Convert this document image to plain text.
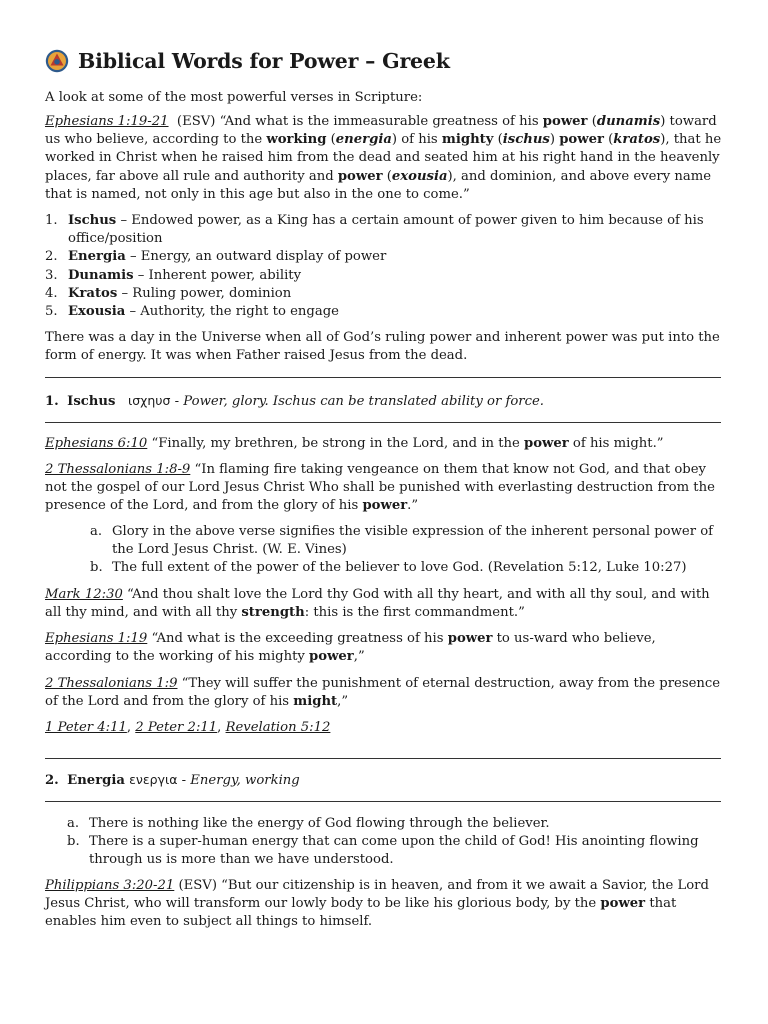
Biblical Words for Power – Greek

A look at some of the most powerful verses in Scripture:

Ephesians 1:19-21 (ESV) “And what is the immeasurable greatness of his power (dunamis) toward us who believe, according to the working (energia) of his mighty (ischus) power (kratos), that he worked in Christ when he raised him from the dead and seated him at his right hand in the heavenly places, far above all rule and authority and power (exousia), and dominion, and above every name that is named, not only in this age but also in the one to come.”

1. Ischus – Endowed power, as a King has a certain amount of power given to him because of his office/position
2. Energia – Energy, an outward display of power
3. Dunamis – Inherent power, ability
4. Kratos – Ruling power, dominion
5. Exousia – Authority, the right to engage

There was a day in the Universe when all of God’s ruling power and inherent power was put into the form of energy. It was when Father raised Jesus from the dead.

1. Ischus ισχηυσ - Power, glory. Ischus can be translated ability or force.

Ephesians 6:10 “Finally, my brethren, be strong in the Lord, and in the power of his might.”

2 Thessalonians 1:8-9 “In flaming fire taking vengeance on them that know not God, and that obey not the gospel of our Lord Jesus Christ Who shall be punished with everlasting destruction from the presence of the Lord, and from the glory of his power.”

a. Glory in the above verse signifies the visible expression of the inherent personal power of the Lord Jesus Christ. (W. E. Vines)
b. The full extent of the power of the believer to love God. (Revelation 5:12, Luke 10:27)

Mark 12:30 “And thou shalt love the Lord thy God with all thy heart, and with all thy soul, and with all thy mind, and with all thy strength: this is the first commandment.”

Ephesians 1:19 “And what is the exceeding greatness of his power to us-ward who believe, according to the working of his mighty power,”

2 Thessalonians 1:9 “They will suffer the punishment of eternal destruction, away from the presence of the Lord and from the glory of his might,”

1 Peter 4:11, 2 Peter 2:11, Revelation 5:12

2. Energia ενεργια - Energy, working

a. There is nothing like the energy of God flowing through the believer.
b. There is a super-human energy that can come upon the child of God! His anointing flowing through us is more than we have understood.

Philippians 3:20-21 (ESV) “But our citizenship is in heaven, and from it we await a Savior, the Lord Jesus Christ, who will transform our lowly body to be like his glorious body, by the power that enables him even to subject all things to himself.
